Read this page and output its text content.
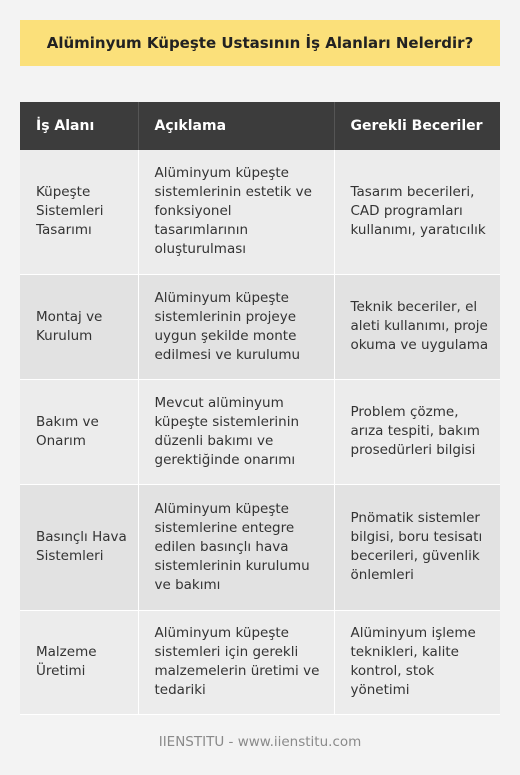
Alüminyum Küpeşte Ustasının İş Alanları Nelerdir?
İş Alanı	Açıklama	Gerekli Beceriler
Küpeşte Sistemleri Tasarımı	Alüminyum küpeşte sistemlerinin estetik ve fonksiyonel tasarımlarının oluşturulması	Tasarım becerileri, CAD programları kullanımı, yaratıcılık
Montaj ve Kurulum	Alüminyum küpeşte sistemlerinin projeye uygun şekilde monte edilmesi ve kurulumu	Teknik beceriler, el aleti kullanımı, proje okuma ve uygulama
Bakım ve Onarım	Mevcut alüminyum küpeşte sistemlerinin düzenli bakımı ve gerektiğinde onarımı	Problem çözme, arıza tespiti, bakım prosedürleri bilgisi
Basınçlı Hava Sistemleri	Alüminyum küpeşte sistemlerine entegre edilen basınçlı hava sistemlerinin kurulumu ve bakımı	Pnömatik sistemler bilgisi, boru tesisatı becerileri, güvenlik önlemleri
Malzeme Üretimi	Alüminyum küpeşte sistemleri için gerekli malzemelerin üretimi ve tedariki	Alüminyum işleme teknikleri, kalite kontrol, stok yönetimi
IIENSTITU - www.iienstitu.com
